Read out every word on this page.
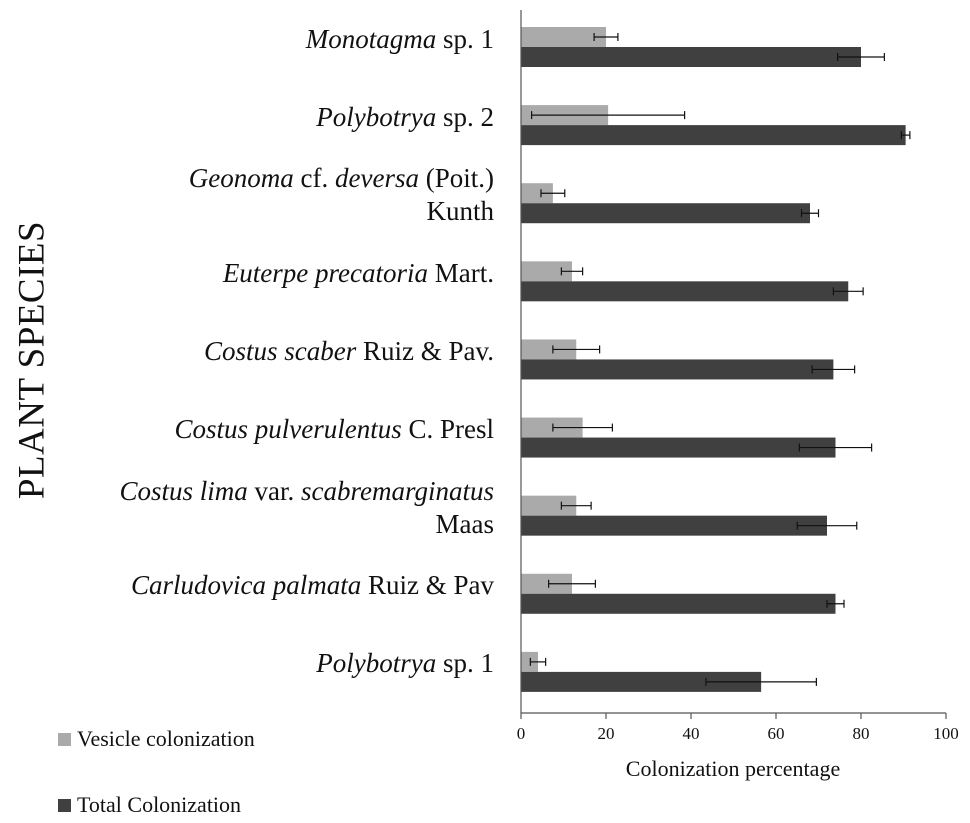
PLANT SPECIES
Monotagma sp. 1
Polybotrya sp. 2
Geonoma cf. deversa (Poit.)
Kunth
Euterpe precatoria Mart.
Costus scaber Ruiz & Pav.
Costus pulverulentus C. Presl
Costus lima var. scabremarginatus
Maas
Carludovica palmata Ruiz & Pav
Polybotrya sp. 1
0	20	40	60	80	100
Colonization percentage
Vesicle colonization
Total Colonization
